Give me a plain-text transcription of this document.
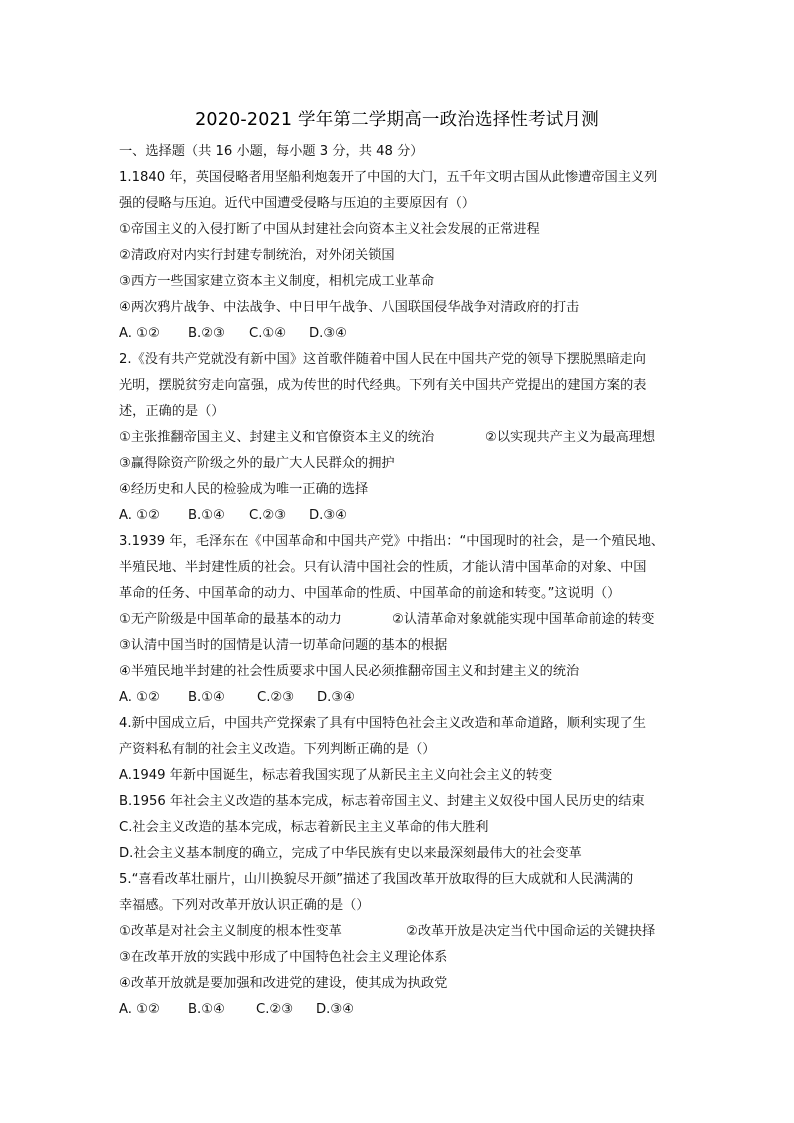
2020-2021 学年第二学期高一政治选择性考试月测
一、选择题（共 16 小题，每小题 3 分，共 48 分）
1.1840 年，英国侵略者用坚船利炮轰开了中国的大门，五千年文明古国从此惨遭帝国主义列
强的侵略与压迫。近代中国遭受侵略与压迫的主要原因有（）
①帝国主义的入侵打断了中国从封建社会向资本主义社会发展的正常进程
②清政府对内实行封建专制统治，对外闭关锁国
③西方一些国家建立资本主义制度，相机完成工业革命
④两次鸦片战争、中法战争、中日甲午战争、八国联国侵华战争对清政府的打击
A. ①② B.②③ C.①④ D.③④
2.《没有共产党就没有新中国》这首歌伴随着中国人民在中国共产党的领导下摆脱黑暗走向
光明，摆脱贫穷走向富强，成为传世的时代经典。下列有关中国共产党提出的建国方案的表
述，正确的是（）
①主张推翻帝国主义、封建主义和官僚资本主义的统治	②以实现共产主义为最高理想
③赢得除资产阶级之外的最广大人民群众的拥护
④经历史和人民的检验成为唯一正确的选择
A. ①② B.①④ C.②③ D.③④
3.1939 年，毛泽东在《中国革命和中国共产党》中指出：“中国现时的社会，是一个殖民地、
半殖民地、半封建性质的社会。只有认清中国社会的性质，才能认清中国革命的对象、中国
革命的任务、中国革命的动力、中国革命的性质、中国革命的前途和转变。”这说明（）
①无产阶级是中国革命的最基本的动力	②认清革命对象就能实现中国革命前途的转变
③认清中国当时的国情是认清一切革命问题的基本的根据
④半殖民地半封建的社会性质要求中国人民必须推翻帝国主义和封建主义的统治
A. ①② B.①④ C.②③ D.③④
4.新中国成立后，中国共产党探索了具有中国特色社会主义改造和革命道路，顺利实现了生
产资料私有制的社会主义改造。下列判断正确的是（）
A.1949 年新中国诞生，标志着我国实现了从新民主主义向社会主义的转变
B.1956 年社会主义改造的基本完成，标志着帝国主义、封建主义奴役中国人民历史的结束
C.社会主义改造的基本完成，标志着新民主主义革命的伟大胜利
D.社会主义基本制度的确立，完成了中华民族有史以来最深刻最伟大的社会变革
5.“喜看改革壮丽片，山川换貌尽开颜”描述了我国改革开放取得的巨大成就和人民满满的
幸福感。下列对改革开放认识正确的是（）
①改革是对社会主义制度的根本性变革	②改革开放是决定当代中国命运的关键抉择
③在改革开放的实践中形成了中国特色社会主义理论体系
④改革开放就是要加强和改进党的建设，使其成为执政党
A. ①② B.①④ C.②③ D.③④
